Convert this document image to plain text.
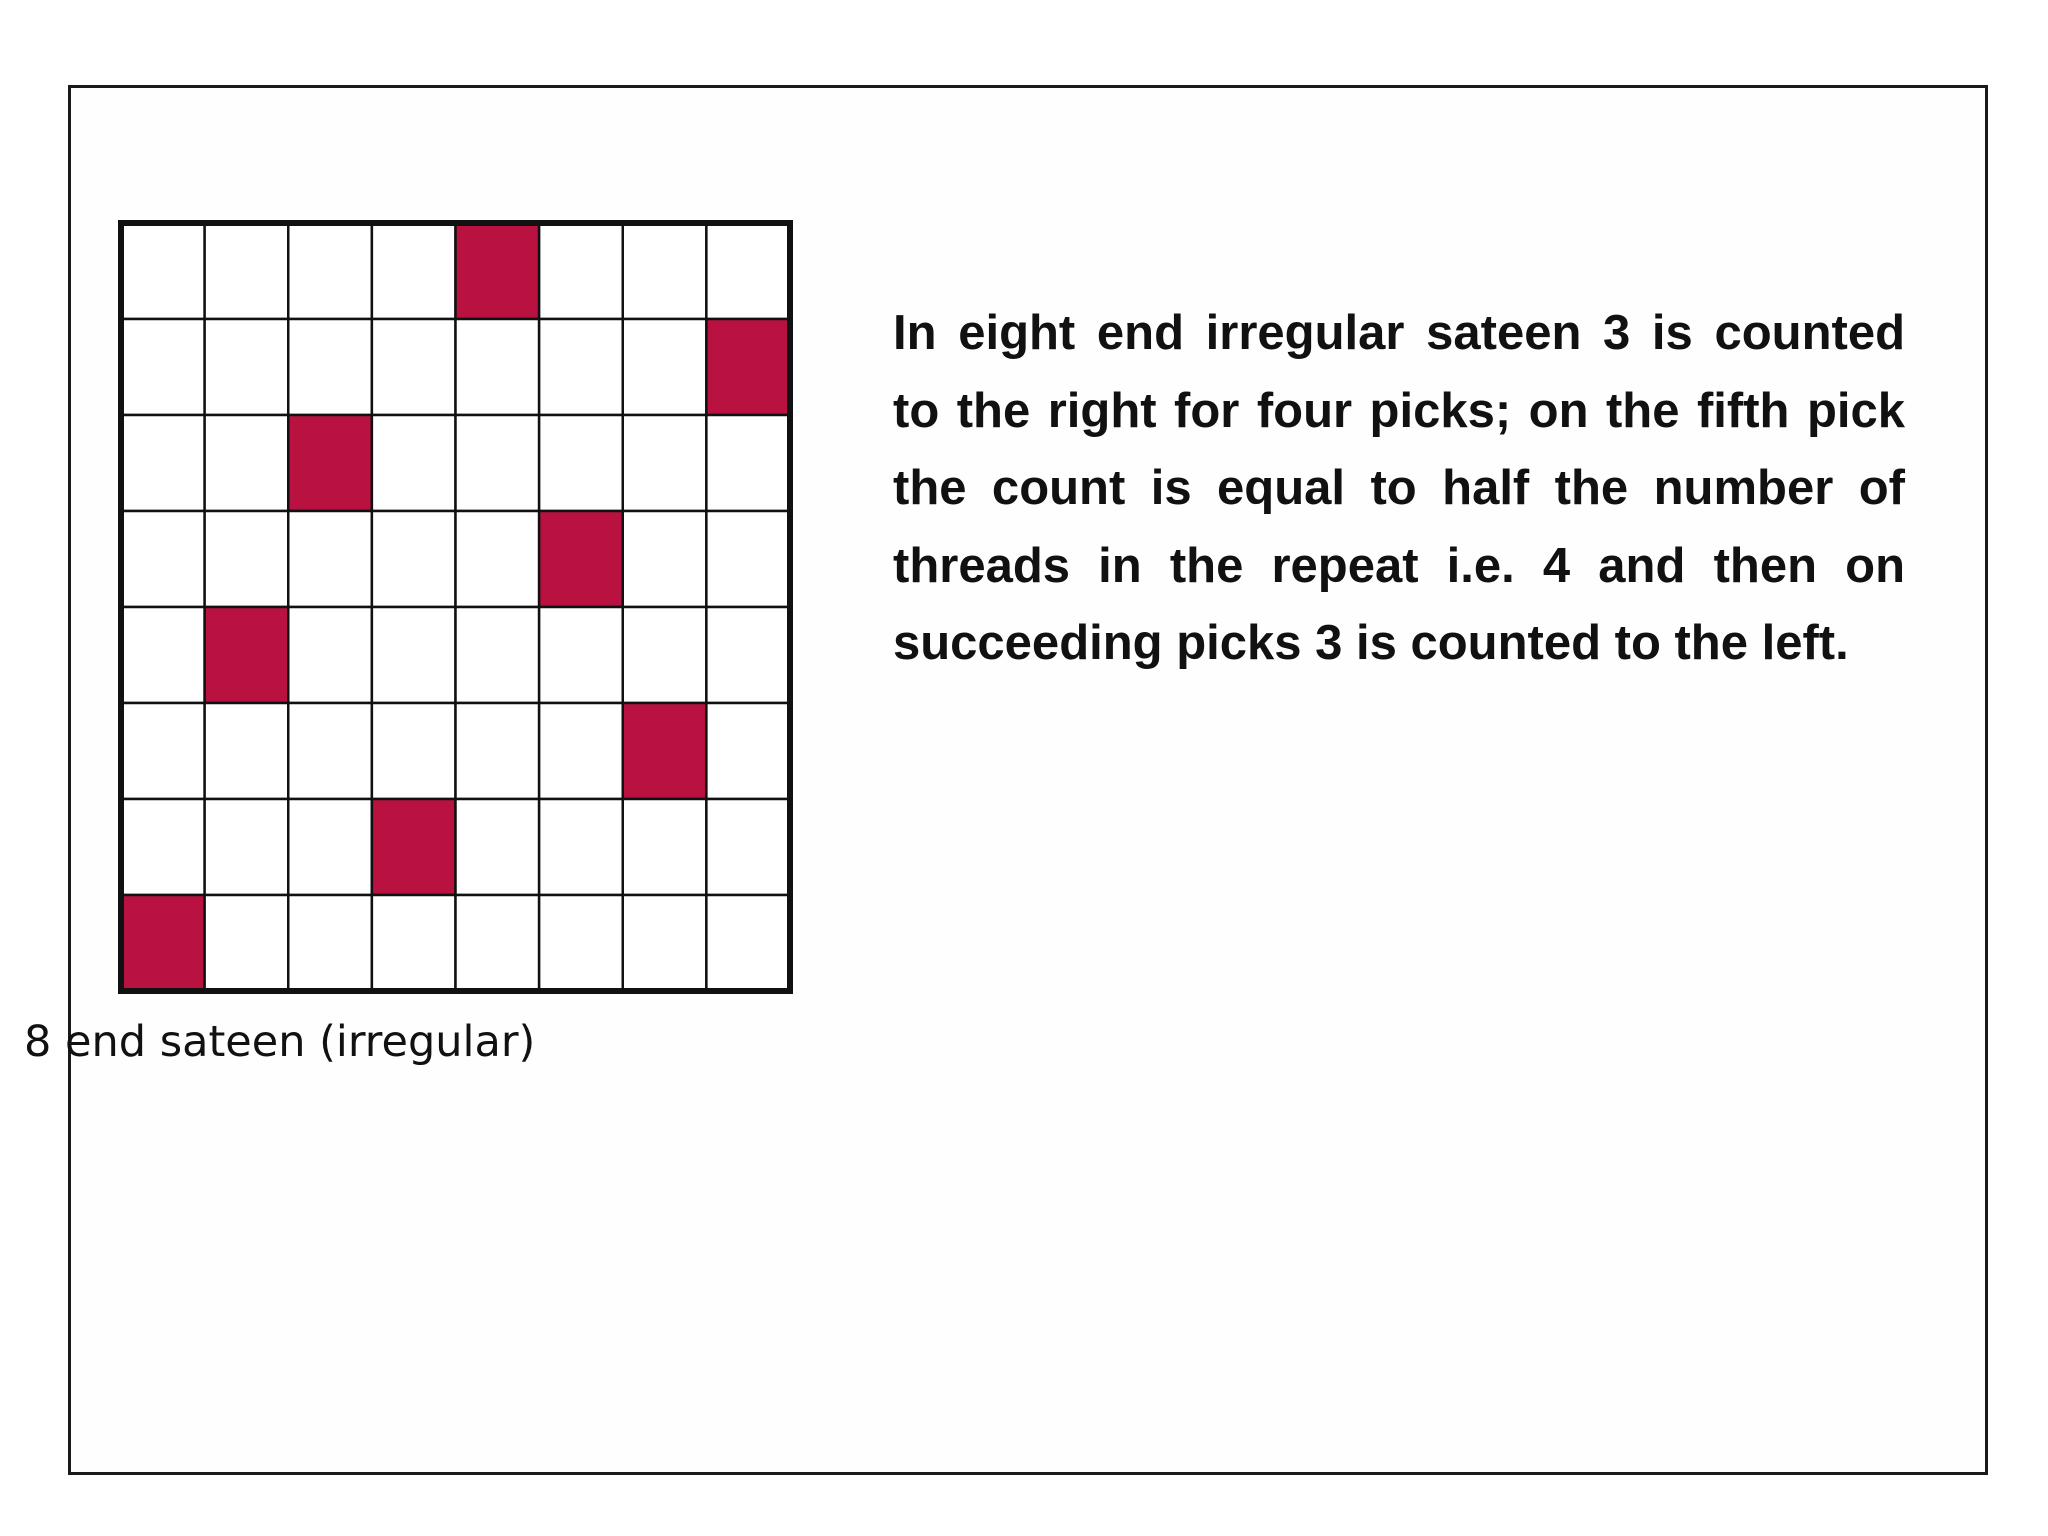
In eight end irregular sateen 3 is counted to the right for four picks; on the fifth pick the count is equal to half the number of threads in the repeat i.e. 4 and then on succeeding picks 3 is counted to the left.

8 end sateen (irregular)
